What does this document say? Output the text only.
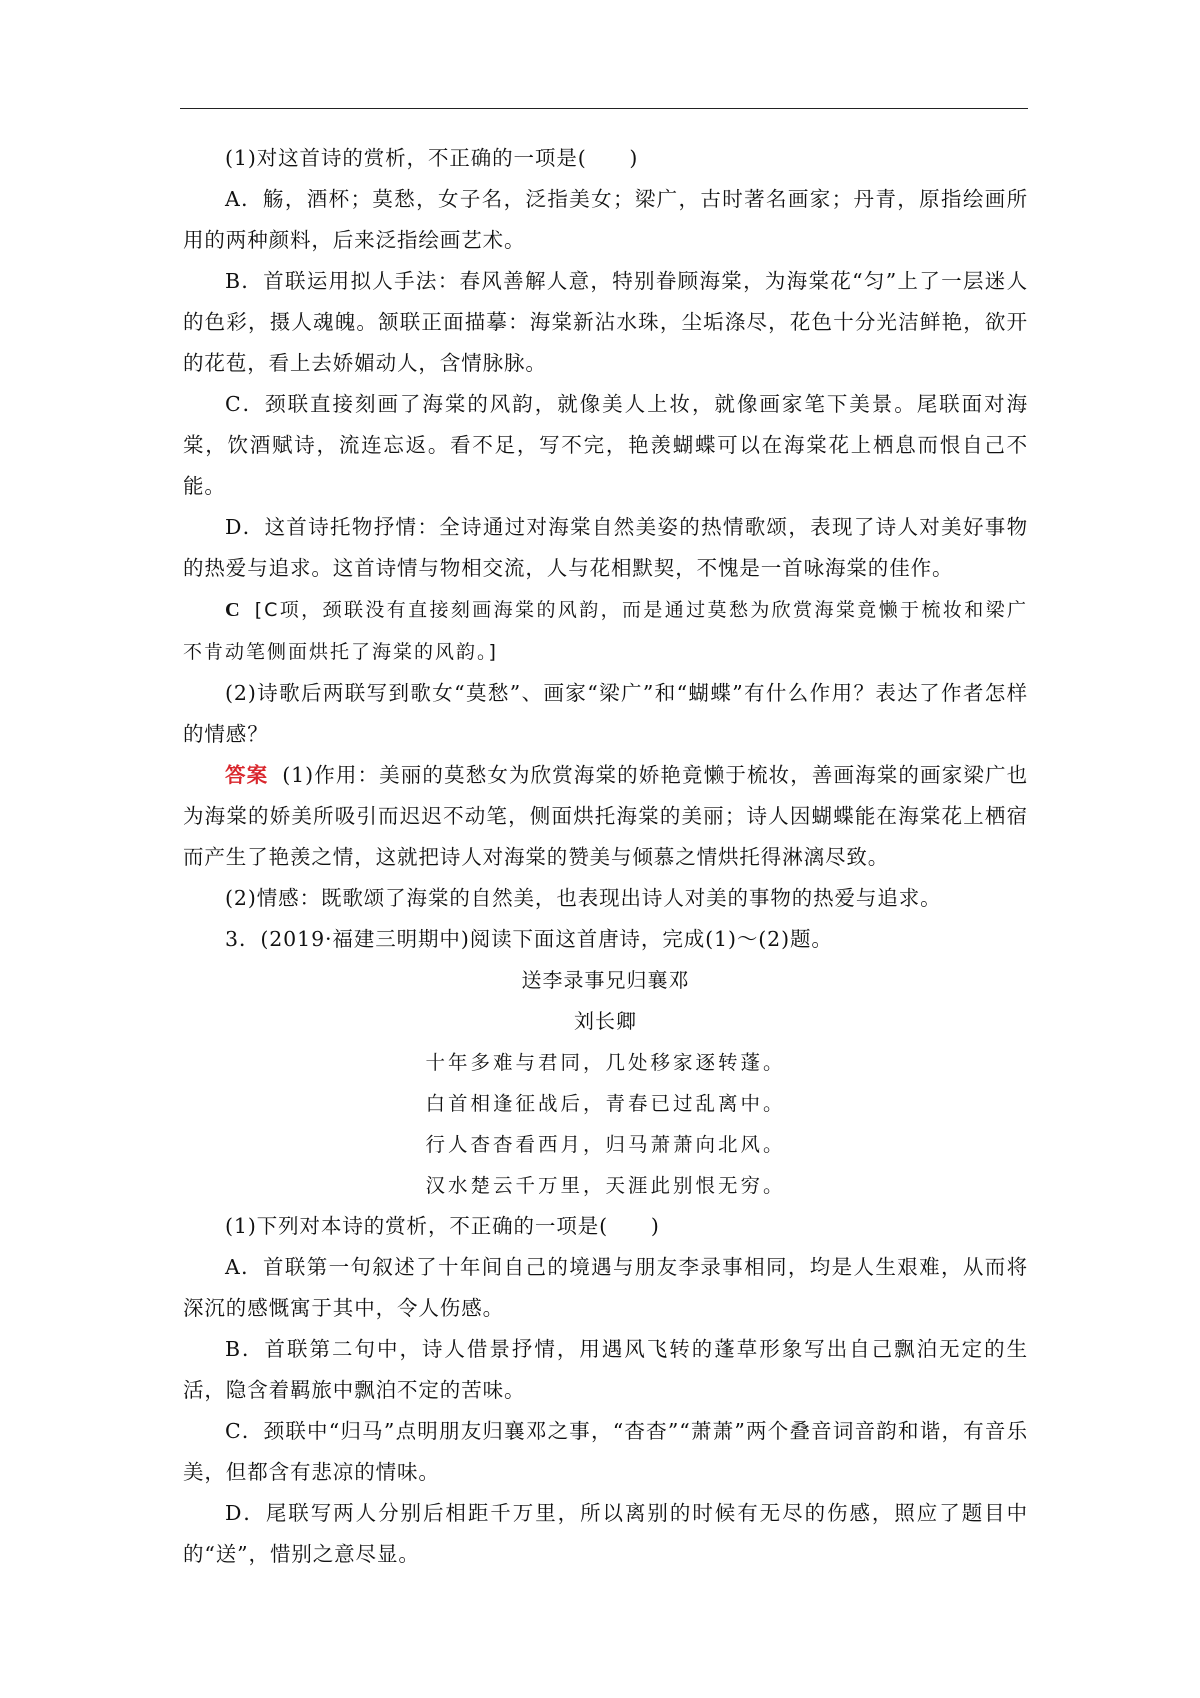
(1)对这首诗的赏析，不正确的一项是(　　)

A．觞，酒杯；莫愁，女子名，泛指美女；梁广，古时著名画家；丹青，原指绘画所用的两种颜料，后来泛指绘画艺术。

B．首联运用拟人手法：春风善解人意，特别眷顾海棠，为海棠花“匀”上了一层迷人的色彩，摄人魂魄。颔联正面描摹：海棠新沾水珠，尘垢涤尽，花色十分光洁鲜艳，欲开的花苞，看上去娇媚动人，含情脉脉。

C．颈联直接刻画了海棠的风韵，就像美人上妆，就像画家笔下美景。尾联面对海棠，饮酒赋诗，流连忘返。看不足，写不完，艳羡蝴蝶可以在海棠花上栖息而恨自己不能。

D．这首诗托物抒情：全诗通过对海棠自然美姿的热情歌颂，表现了诗人对美好事物的热爱与追求。这首诗情与物相交流，人与花相默契，不愧是一首咏海棠的佳作。

C [C项，颈联没有直接刻画海棠的风韵，而是通过莫愁为欣赏海棠竟懒于梳妆和梁广不肯动笔侧面烘托了海棠的风韵。]

(2)诗歌后两联写到歌女“莫愁”、画家“梁广”和“蝴蝶”有什么作用？表达了作者怎样的情感？

答案 (1)作用：美丽的莫愁女为欣赏海棠的娇艳竟懒于梳妆，善画海棠的画家梁广也为海棠的娇美所吸引而迟迟不动笔，侧面烘托海棠的美丽；诗人因蝴蝶能在海棠花上栖宿而产生了艳羡之情，这就把诗人对海棠的赞美与倾慕之情烘托得淋漓尽致。

(2)情感：既歌颂了海棠的自然美，也表现出诗人对美的事物的热爱与追求。

3．(2019·福建三明期中)阅读下面这首唐诗，完成(1)～(2)题。

送李录事兄归襄邓

刘长卿

十年多难与君同，几处移家逐转蓬。

白首相逢征战后，青春已过乱离中。

行人杳杳看西月，归马萧萧向北风。

汉水楚云千万里，天涯此别恨无穷。

(1)下列对本诗的赏析，不正确的一项是(　　)

A．首联第一句叙述了十年间自己的境遇与朋友李录事相同，均是人生艰难，从而将深沉的感慨寓于其中，令人伤感。

B．首联第二句中，诗人借景抒情，用遇风飞转的蓬草形象写出自己飘泊无定的生活，隐含着羁旅中飘泊不定的苦味。

C．颈联中“归马”点明朋友归襄邓之事，“杳杳”“萧萧”两个叠音词音韵和谐，有音乐美，但都含有悲凉的情味。

D．尾联写两人分别后相距千万里，所以离别的时候有无尽的伤感，照应了题目中的“送”，惜别之意尽显。
